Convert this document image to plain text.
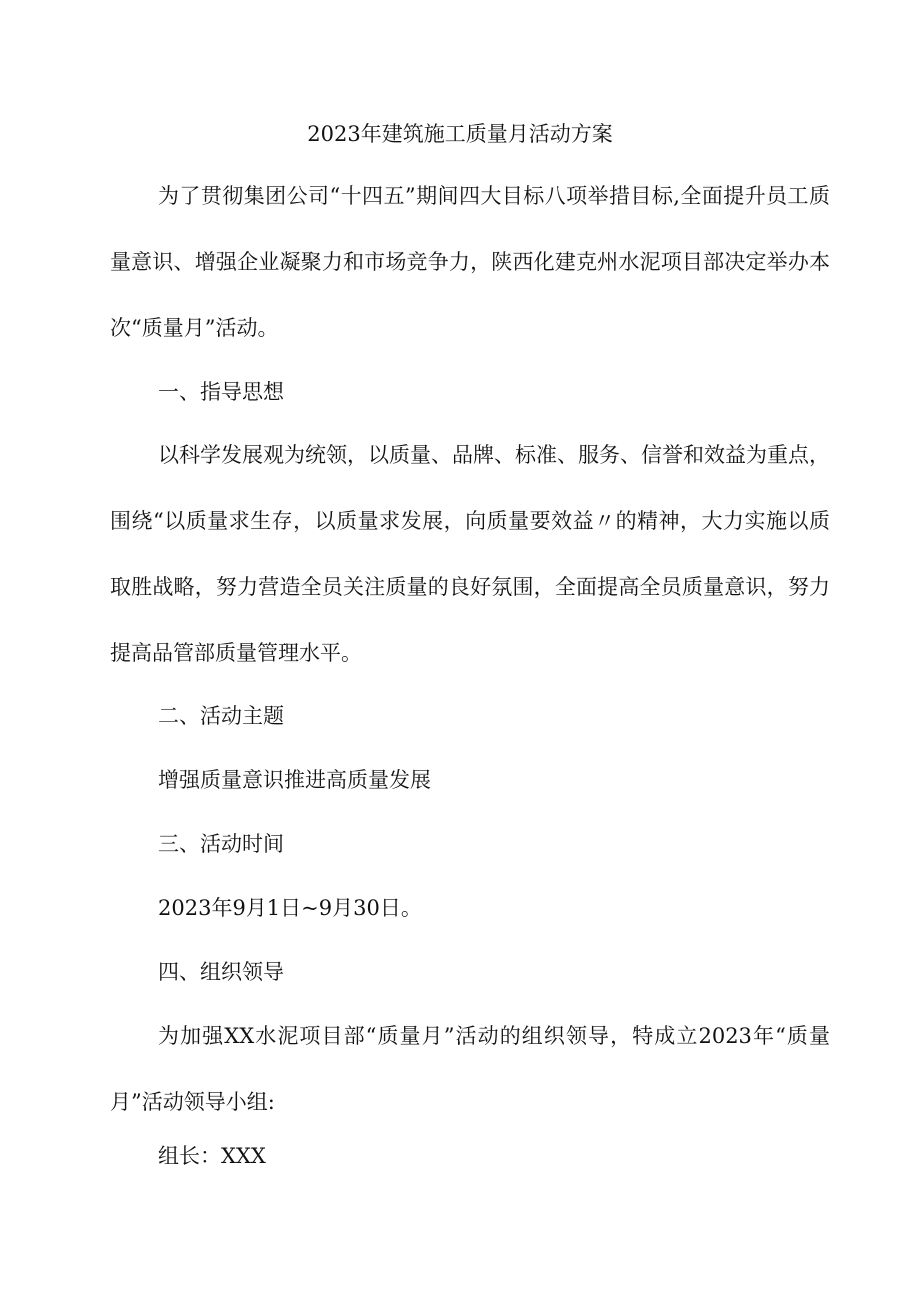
2023年建筑施工质量月活动方案

为了贯彻集团公司“十四五”期间四大目标八项举措目标,全面提升员工质量意识、增强企业凝聚力和市场竞争力，陕西化建克州水泥项目部决定举办本次“质量月”活动。

一、指导思想

以科学发展观为统领，以质量、品牌、标准、服务、信誉和效益为重点，围绕“以质量求生存，以质量求发展，向质量要效益〃的精神，大力实施以质取胜战略，努力营造全员关注质量的良好氛围，全面提高全员质量意识，努力提高品管部质量管理水平。

二、活动主题
增强质量意识推进高质量发展
三、活动时间
2023年9月1日~9月30日。
四、组织领导

为加强XX水泥项目部“质量月”活动的组织领导，特成立2023年“质量月”活动领导小组:

组长：XXX
